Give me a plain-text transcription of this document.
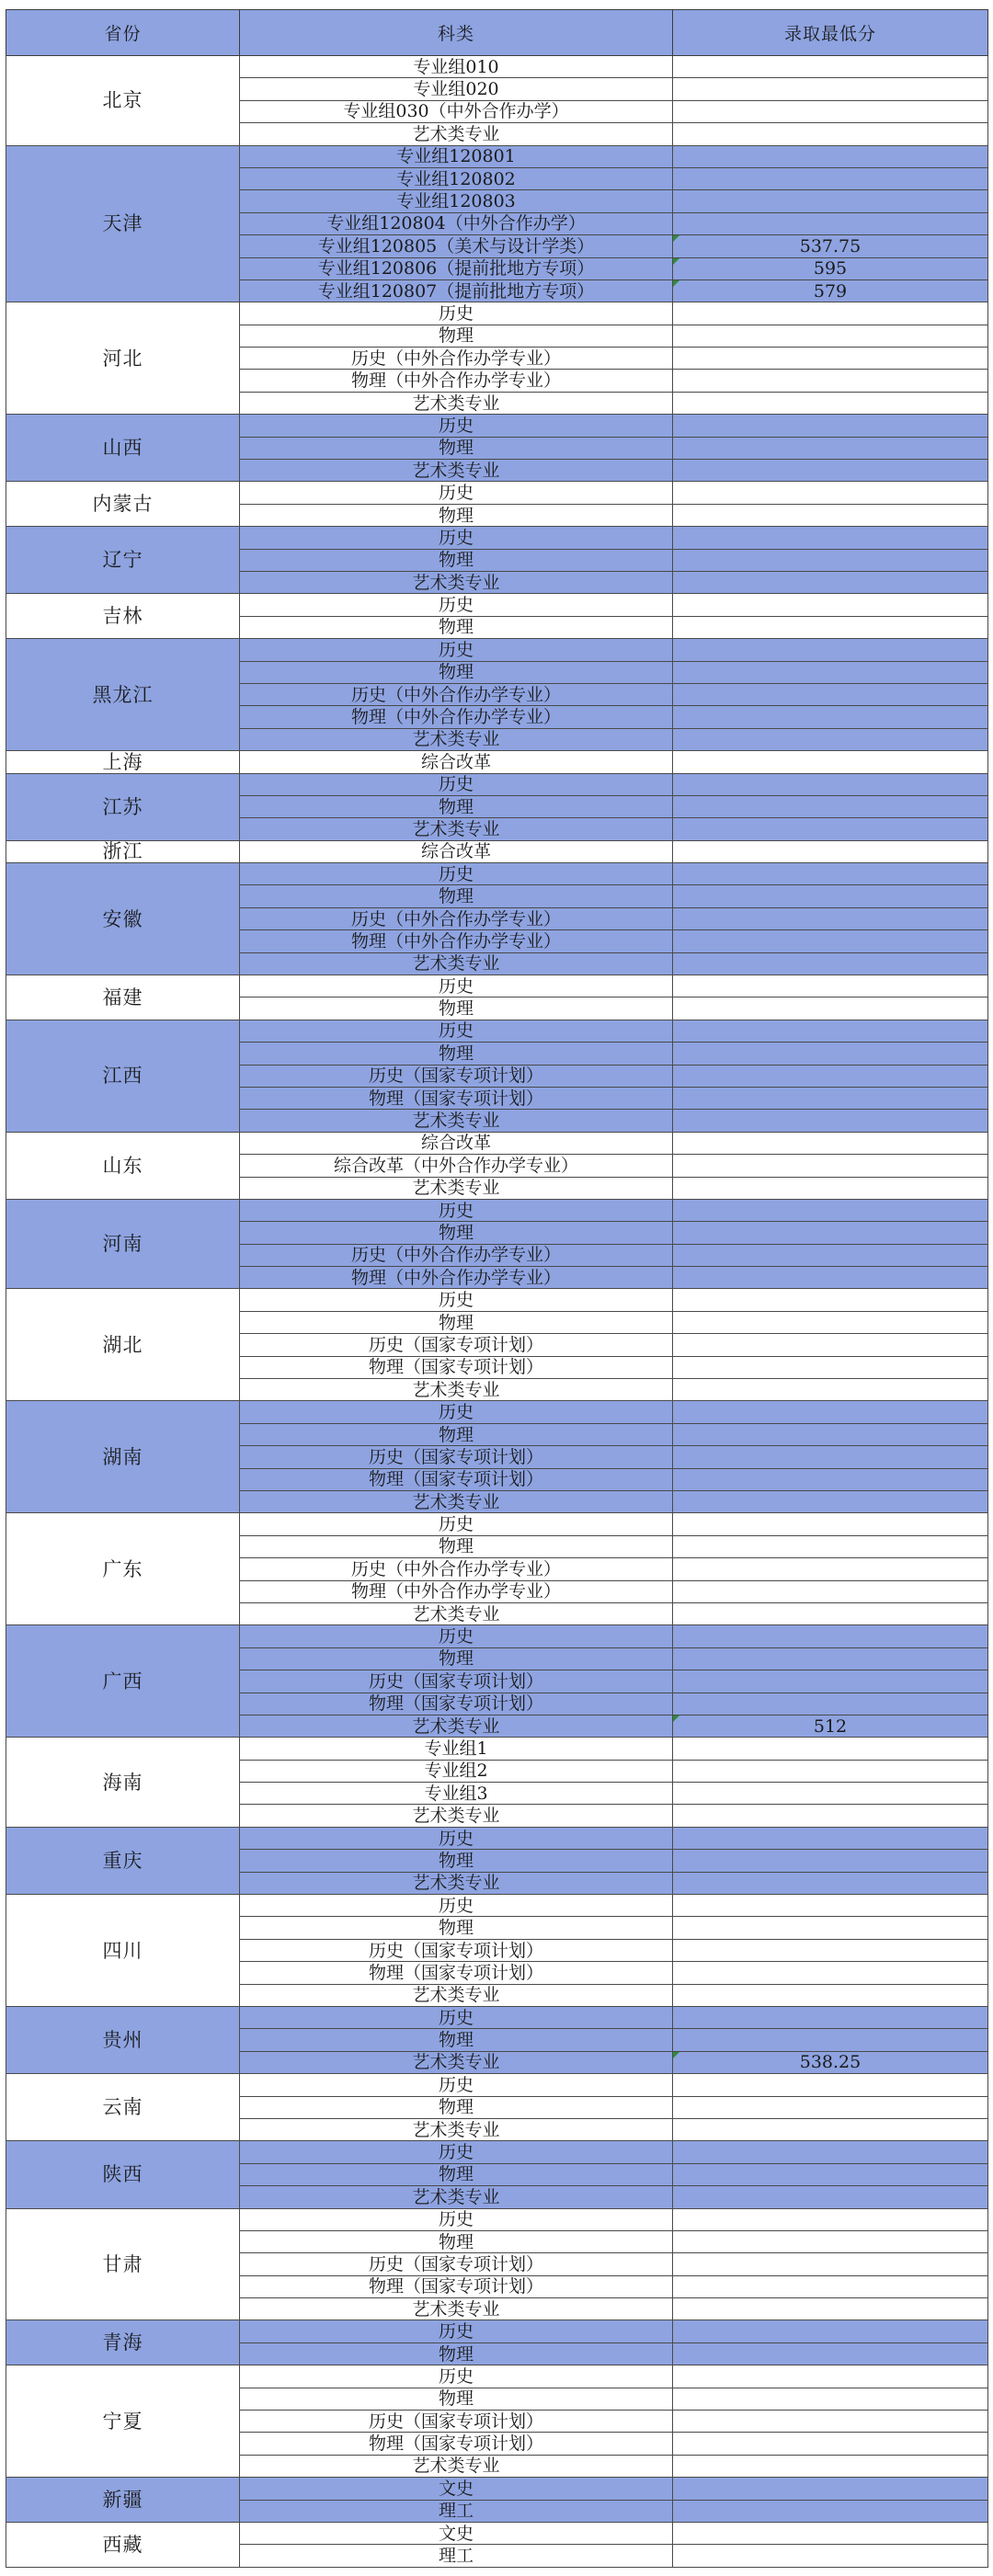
省份	科类	录取最低分
北京	专业组010	
	专业组020	
	专业组030（中外合作办学）	
	艺术类专业	
天津	专业组120801	
	专业组120802	
	专业组120803	
	专业组120804（中外合作办学）	
	专业组120805（美术与设计学类）	537.75
	专业组120806（提前批地方专项）	595
	专业组120807（提前批地方专项）	579
河北	历史	
	物理	
	历史（中外合作办学专业）	
	物理（中外合作办学专业）	
	艺术类专业	
山西	历史	
	物理	
	艺术类专业	
内蒙古	历史	
	物理	
辽宁	历史	
	物理	
	艺术类专业	
吉林	历史	
	物理	
黑龙江	历史	
	物理	
	历史（中外合作办学专业）	
	物理（中外合作办学专业）	
	艺术类专业	
上海	综合改革	
江苏	历史	
	物理	
	艺术类专业	
浙江	综合改革	
安徽	历史	
	物理	
	历史（中外合作办学专业）	
	物理（中外合作办学专业）	
	艺术类专业	
福建	历史	
	物理	
江西	历史	
	物理	
	历史（国家专项计划）	
	物理（国家专项计划）	
	艺术类专业	
山东	综合改革	
	综合改革（中外合作办学专业）	
	艺术类专业	
河南	历史	
	物理	
	历史（中外合作办学专业）	
	物理（中外合作办学专业）	
湖北	历史	
	物理	
	历史（国家专项计划）	
	物理（国家专项计划）	
	艺术类专业	
湖南	历史	
	物理	
	历史（国家专项计划）	
	物理（国家专项计划）	
	艺术类专业	
广东	历史	
	物理	
	历史（中外合作办学专业）	
	物理（中外合作办学专业）	
	艺术类专业	
广西	历史	
	物理	
	历史（国家专项计划）	
	物理（国家专项计划）	
	艺术类专业	512
海南	专业组1	
	专业组2	
	专业组3	
	艺术类专业	
重庆	历史	
	物理	
	艺术类专业	
四川	历史	
	物理	
	历史（国家专项计划）	
	物理（国家专项计划）	
	艺术类专业	
贵州	历史	
	物理	
	艺术类专业	538.25
云南	历史	
	物理	
	艺术类专业	
陕西	历史	
	物理	
	艺术类专业	
甘肃	历史	
	物理	
	历史（国家专项计划）	
	物理（国家专项计划）	
	艺术类专业	
青海	历史	
	物理	
宁夏	历史	
	物理	
	历史（国家专项计划）	
	物理（国家专项计划）	
	艺术类专业	
新疆	文史	
	理工	
西藏	文史	
	理工	
